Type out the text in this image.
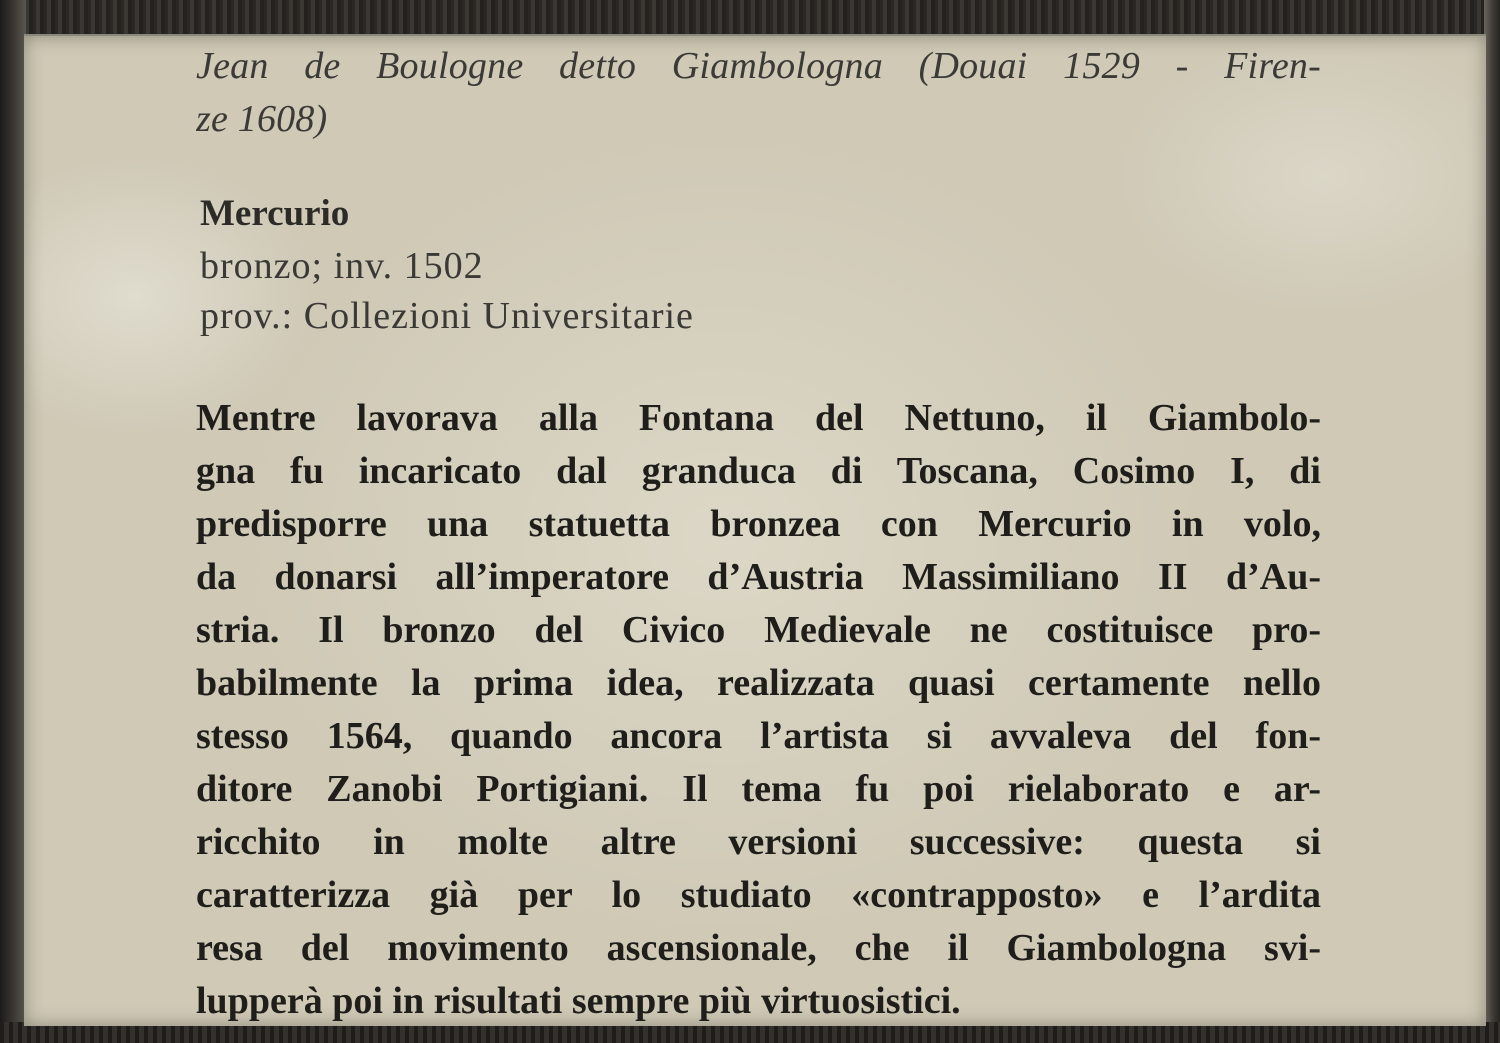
Jean de Boulogne detto Giambologna (Douai 1529 - Firen-
ze 1608)
Mercurio
bronzo; inv. 1502
prov.: Collezioni Universitarie
Mentre lavorava alla Fontana del Nettuno, il Giambolo-
gna fu incaricato dal granduca di Toscana, Cosimo I, di
predisporre una statuetta bronzea con Mercurio in volo,
da donarsi all’imperatore d’Austria Massimiliano II d’Au-
stria. Il bronzo del Civico Medievale ne costituisce pro-
babilmente la prima idea, realizzata quasi certamente nello
stesso 1564, quando ancora l’artista si avvaleva del fon-
ditore Zanobi Portigiani. Il tema fu poi rielaborato e ar-
ricchito in molte altre versioni successive: questa si
caratterizza già per lo studiato «contrapposto» e l’ardita
resa del movimento ascensionale, che il Giambologna svi-
lupperà poi in risultati sempre più virtuosistici.
